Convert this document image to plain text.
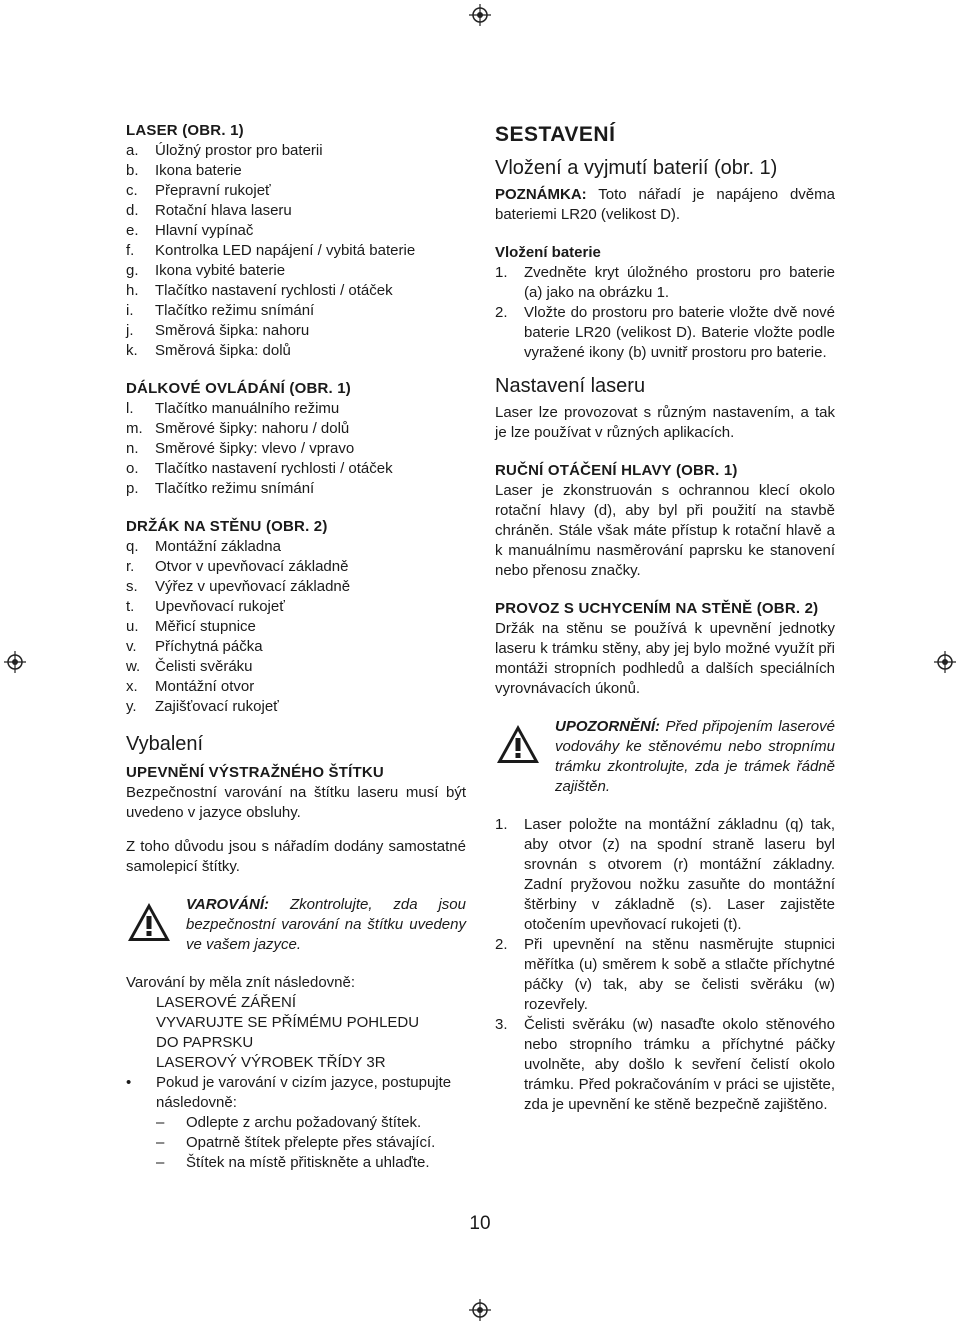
LASER (OBR. 1)

a.	Úložný prostor pro baterii
b.	Ikona baterie
c.	Přepravní rukojeť
d.	Rotační hlava laseru
e.	Hlavní vypínač
f.	Kontrolka LED napájení / vybitá baterie
g.	Ikona vybité baterie
h.	Tlačítko nastavení rychlosti / otáček
i.	Tlačítko režimu snímání
j.	Směrová šipka: nahoru
k.	Směrová šipka: dolů

DÁLKOVÉ OVLÁDÁNÍ (OBR. 1)

l.	Tlačítko manuálního režimu
m. Směrové šipky: nahoru / dolů
n.	Směrové šipky: vlevo / vpravo
o.	Tlačítko nastavení rychlosti / otáček
p.	Tlačítko režimu snímání

DRŽÁK NA STĚNU (OBR. 2)

q.	Montážní základna
r.	Otvor v upevňovací základně
s.	Výřez v upevňovací základně
t.	Upevňovací rukojeť
u.	Měřicí stupnice
v.	Příchytná páčka
w. Čelisti svěráku
x.	Montážní otvor
y.	Zajišťovací rukojeť
Vybalení

UPEVNĚNÍ VÝSTRAŽNÉHO ŠTÍTKU

Bezpečnostní varování na štítku laseru musí být uvedeno v jazyce obsluhy.

Z toho důvodu jsou s nářadím dodány samostatné samolepicí štítky.

VAROVÁNÍ: Zkontrolujte, zda jsou bezpečnostní varování na štítku uvedeny ve vašem jazyce.

Varování by měla znít následovně:

LASEROVÉ ZÁŘENÍ

VYVARUJTE SE PŘÍMÉMU POHLEDU

DO PAPRSKU

LASEROVÝ VÝROBEK TŘÍDY 3R

•	Pokud je varování v cizím jazyce, postupujte následovně:
–	Odlepte z archu požadovaný štítek.
–	Opatrně štítek přelepte přes stávající.
–	Štítek na místě přitiskněte a uhlaďte.
SESTAVENÍ
Vložení a vyjmutí baterií (obr. 1)

POZNÁMKA: Toto nářadí je napájeno dvěma bateriemi LR20 (velikost D).

Vložení baterie

1.	Zvedněte kryt úložného prostoru pro baterie (a) jako na obrázku 1.
2.	Vložte do prostoru pro baterie vložte dvě nové baterie LR20 (velikost D). Baterie vložte podle vyražené ikony (b) uvnitř prostoru pro baterie.
Nastavení laseru

Laser lze provozovat s různým nastavením, a tak je lze používat v různých aplikacích.

RUČNÍ OTÁČENÍ HLAVY (OBR. 1)

Laser je zkonstruován s ochrannou klecí okolo rotační hlavy (d), aby byl při použití na stavbě chráněn. Stále však máte přístup k rotační hlavě a k manuálnímu nasměrování paprsku ke stanovení nebo přenosu značky.

PROVOZ S UCHYCENÍM NA STĚNĚ (OBR. 2)

Držák na stěnu se používá k upevnění jednotky laseru k trámku stěny, aby jej bylo možné využít při montáži stropních podhledů a dalších speciálních vyrovnávacích úkonů.

UPOZORNĚNÍ: Před připojením laserové vodováhy ke stěnovému nebo stropnímu trámku zkontrolujte, zda je trámek řádně zajištěn.
1.	Laser položte na montážní základnu (q) tak, aby otvor (z) na spodní straně laseru byl srovnán s otvorem (r) montážní základny. Zadní pryžovou nožku zasuňte do montážní štěrbiny v základně (s). Laser zajistěte otočením upevňovací rukojeti (t).
2.	Při upevnění na stěnu nasměrujte stupnici měřítka (u) směrem k sobě a stlačte příchytné páčky (v) tak, aby se čelisti svěráku (w) rozevřely.
3.	Čelisti svěráku (w) nasaďte okolo stěnového nebo stropního trámku a příchytné páčky uvolněte, aby došlo k sevření čelistí okolo trámku. Před pokračováním v práci se ujistěte, zda je upevnění ke stěně bezpečně zajištěno.
10
